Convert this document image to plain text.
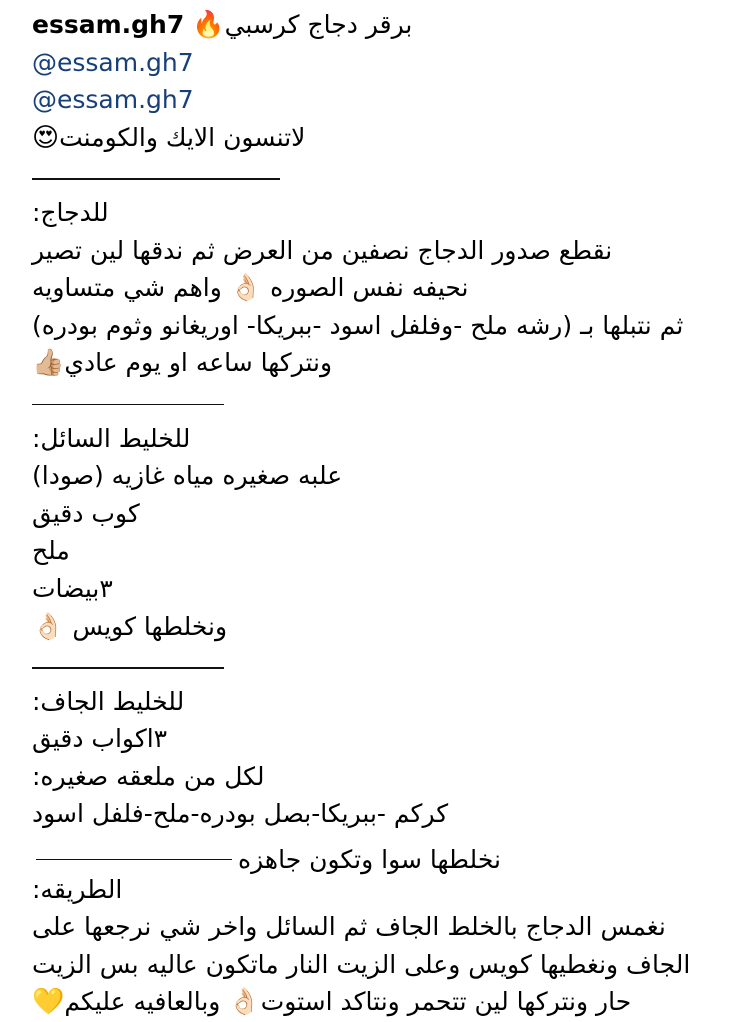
essam.gh7 برقر دجاج كرسبي🔥
@essam.gh7
@essam.gh7
لاتنسون الايك والكومنت😍
للدجاج:
نقطع صدور الدجاج نصفين من العرض ثم ندقها لين تصير
نحيفه نفس الصوره 👌🏻 واهم شي متساويه
ثم نتبلها بـ (رشه ملح -وفلفل اسود -ببريكا- اوريغانو وثوم بودره)
ونتركها ساعه او يوم عادي👍🏼
للخليط السائل:
علبه صغيره مياه غازيه (صودا)
كوب دقيق
ملح
٣بيضات
ونخلطها كويس 👌🏻
للخليط الجاف:
٣اكواب دقيق
لكل من ملعقه صغيره:
كركم -ببريكا-بصل بودره-ملح-فلفل اسود
نخلطها سوا وتكون جاهزه
الطريقه:
نغمس الدجاج بالخلط الجاف ثم السائل واخر شي نرجعها على
الجاف ونغطيها كويس وعلى الزيت النار ماتكون عاليه بس الزيت
حار ونتركها لين تتحمر ونتاكد استوت👌🏻 وبالعافيه عليكم💛
